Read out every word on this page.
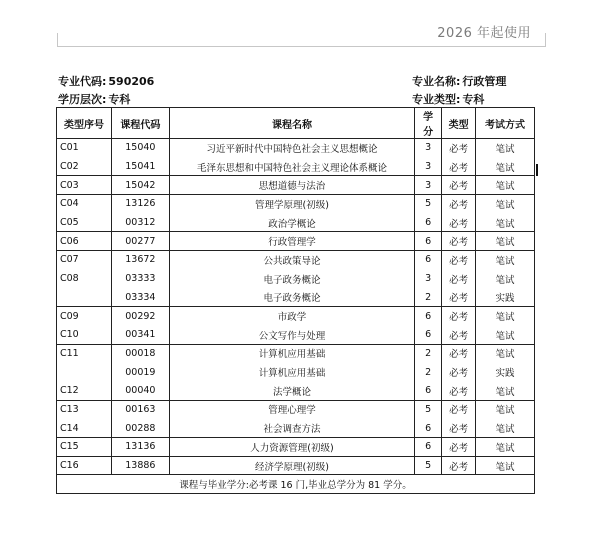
2026 年起使用
专业代码: 590206
学历层次: 专科
专业名称: 行政管理
专业类型: 专科
类型序号	课程代码	课程名称	学分	类型	考试方式
C01	15040	习近平新时代中国特色社会主义思想概论	3	必考	笔试
C02	15041	毛泽东思想和中国特色社会主义理论体系概论	3	必考	笔试
C03	15042	思想道德与法治	3	必考	笔试
C04	13126	管理学原理(初级)	5	必考	笔试
C05	00312	政治学概论	6	必考	笔试
C06	00277	行政管理学	6	必考	笔试
C07	13672	公共政策导论	6	必考	笔试
C08	03333	电子政务概论	3	必考	笔试
	03334	电子政务概论	2	必考	实践
C09	00292	市政学	6	必考	笔试
C10	00341	公文写作与处理	6	必考	笔试
C11	00018	计算机应用基础	2	必考	笔试
	00019	计算机应用基础	2	必考	实践
C12	00040	法学概论	6	必考	笔试
C13	00163	管理心理学	5	必考	笔试
C14	00288	社会调查方法	6	必考	笔试
C15	13136	人力资源管理(初级)	6	必考	笔试
C16	13886	经济学原理(初级)	5	必考	笔试
课程与毕业学分:必考课 16 门,毕业总学分为 81 学分。					
